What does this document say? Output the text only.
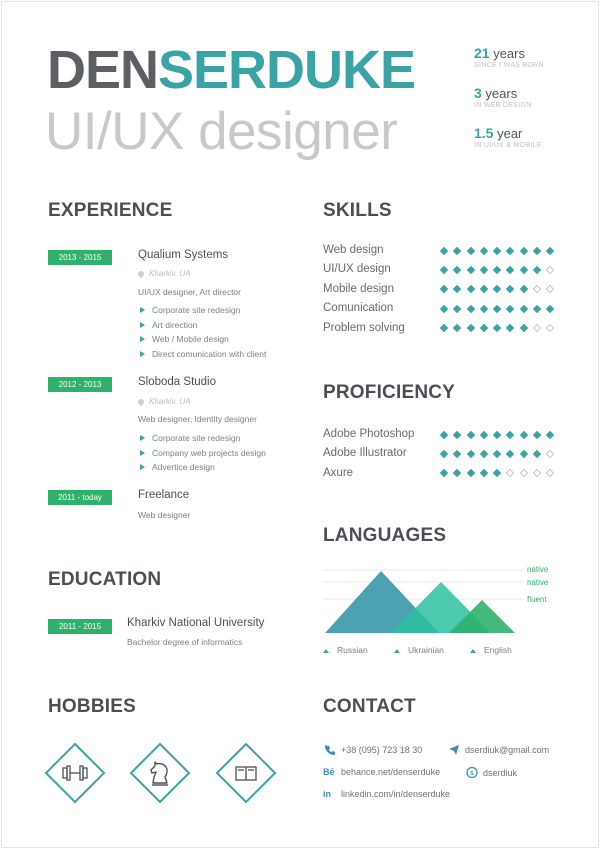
DENSERDUKE
UI/UX designer
21 years
SINCE I WAS BORN
3 years
IN WEB DESIGN
1.5 year
IN UI/UX & MOBILE
EXPERIENCE
2013 - 2015	Qualium Systems
Kharkiv, UA
UI/UX designer, Art director
Corporate site redesign
Art direction
Web / Mobile design
Direct comunication with client
2012 - 2013	Sloboda Studio
Kharkiv, UA
Web designer, Identity designer
Corporate site redesign
Company web projects design
Advertice design
2011 - today	Freelance
Web designer
EDUCATION
2011 - 2015	Kharkiv National University
Bachelor degree of informatics
HOBBIES
SKILLS
Web design
UI/UX design
Mobile design
Comunication
Problem solving
PROFICIENCY
Adobe Photoshop
Adobe Illustrator
Axure
LANGUAGES
native
native
fluent
Russian	Ukrainian	English
CONTACT
+38 (095) 723 18 30	dserdiuk@gmail.com
Bē behance.net/denserduke	s dserdiuk
in	linkedin.com/in/denserduke
